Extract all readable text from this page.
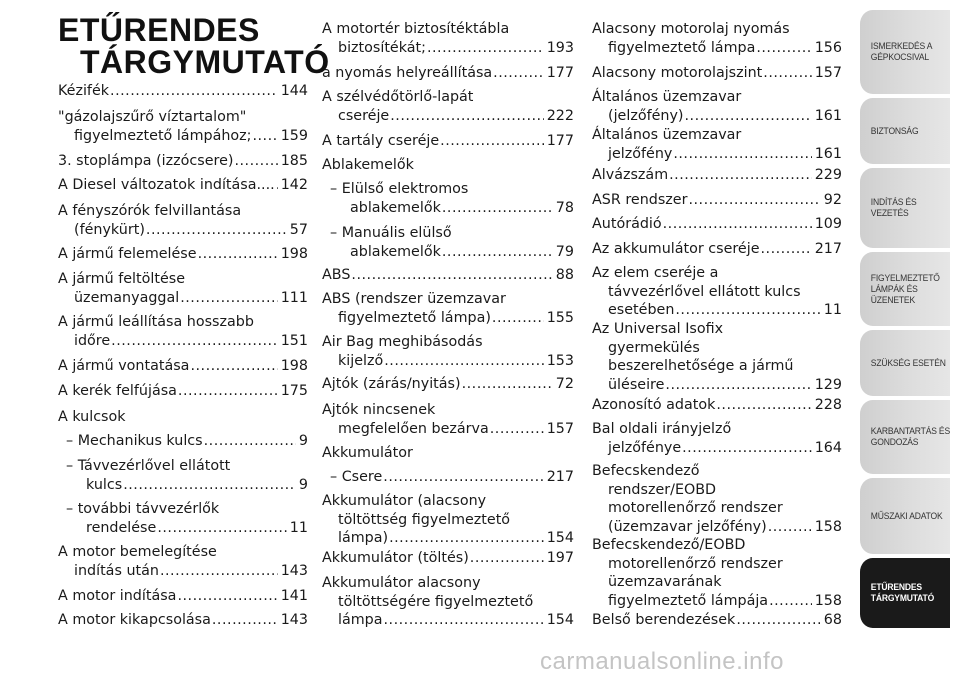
ETŰRENDES
TÁRGYMUTATÓ
Kézifék .....	144
"gázolajszűrő víztartalom"
figyelmeztető lámpához; ..... 159
3. stoplámpa (izzócsere) .....	185
A Diesel változatok indítása.... ..... 142
A fényszórók felvillantása
(fénykürt) .....	57
A jármű felemelése .....	198
A jármű feltöltése
üzemanyaggal .....	111
A jármű leállítása hosszabb
időre .....	151
A jármű vontatása .....	198
A kerék felfújása .....	175
A kulcsok
– Mechanikus kulcs .....	9
– Távvezérlővel ellátott
kulcs .....	9
– további távvezérlők
rendelése .....	11
A motor bemelegítése
indítás után .....	143
A motor indítása .....	141
A motor kikapcsolása .....	143
A motortér biztosítéktábla
biztosítékát; .....	193
a nyomás helyreállítása .....	177
A szélvédőtörlő-lapát
cseréje .....	222
A tartály cseréje .....	177
Ablakemelők
– Elülső elektromos
ablakemelők .....	78
– Manuális elülső
ablakemelők .....	79
ABS .....	88
ABS (rendszer üzemzavar
figyelmeztető lámpa) .....	155
Air Bag meghibásodás
kijelző .....	153
Ajtók (zárás/nyitás) .....	72
Ajtók nincsenek
megfelelően bezárva .....	157
Akkumulátor
– Csere .....	217
Akkumulátor (alacsony
töltöttség figyelmeztető
lámpa) .....	154
Akkumulátor (töltés) .....	197
Akkumulátor alacsony
töltöttségére figyelmeztető
lámpa .....	154
Alacsony motorolaj nyomás
figyelmeztető lámpa .....	156
Alacsony motorolajszint .....	157
Általános üzemzavar
(jelzőfény) .....	161
Általános üzemzavar
jelzőfény .....	161
Alvázszám .....	229
ASR rendszer .....	92
Autórádió .....	109
Az akkumulátor cseréje .....	217
Az elem cseréje a
távvezérlővel ellátott kulcs
esetében .....	11
Az Universal Isofix
gyermekülés
beszerelhetősége a jármű
üléseire .....	129
Azonosító adatok .....	228
Bal oldali irányjelző
jelzőfénye .....	164
Befecskendező
rendszer/EOBD
motorellenőrző rendszer
(üzemzavar jelzőfény) .....	158
Befecskendező/EOBD
motorellenőrző rendszer
üzemzavarának
figyelmeztető lámpája .....	158
Belső berendezések .....	68
ISMERKEDÉS A
GÉPKOCSIVAL
BIZTONSÁG
INDÍTÁS ÉS VEZETÉS
FIGYELMEZTETŐ
LÁMPÁK ÉS
ÜZENETEK
SZÜKSÉG ESETÉN
KARBANTARTÁS ÉS
GONDOZÁS
MŰSZAKI ADATOK
ETŰRENDES
TÁRGYMUTATÓ
carmanualsonline.info
